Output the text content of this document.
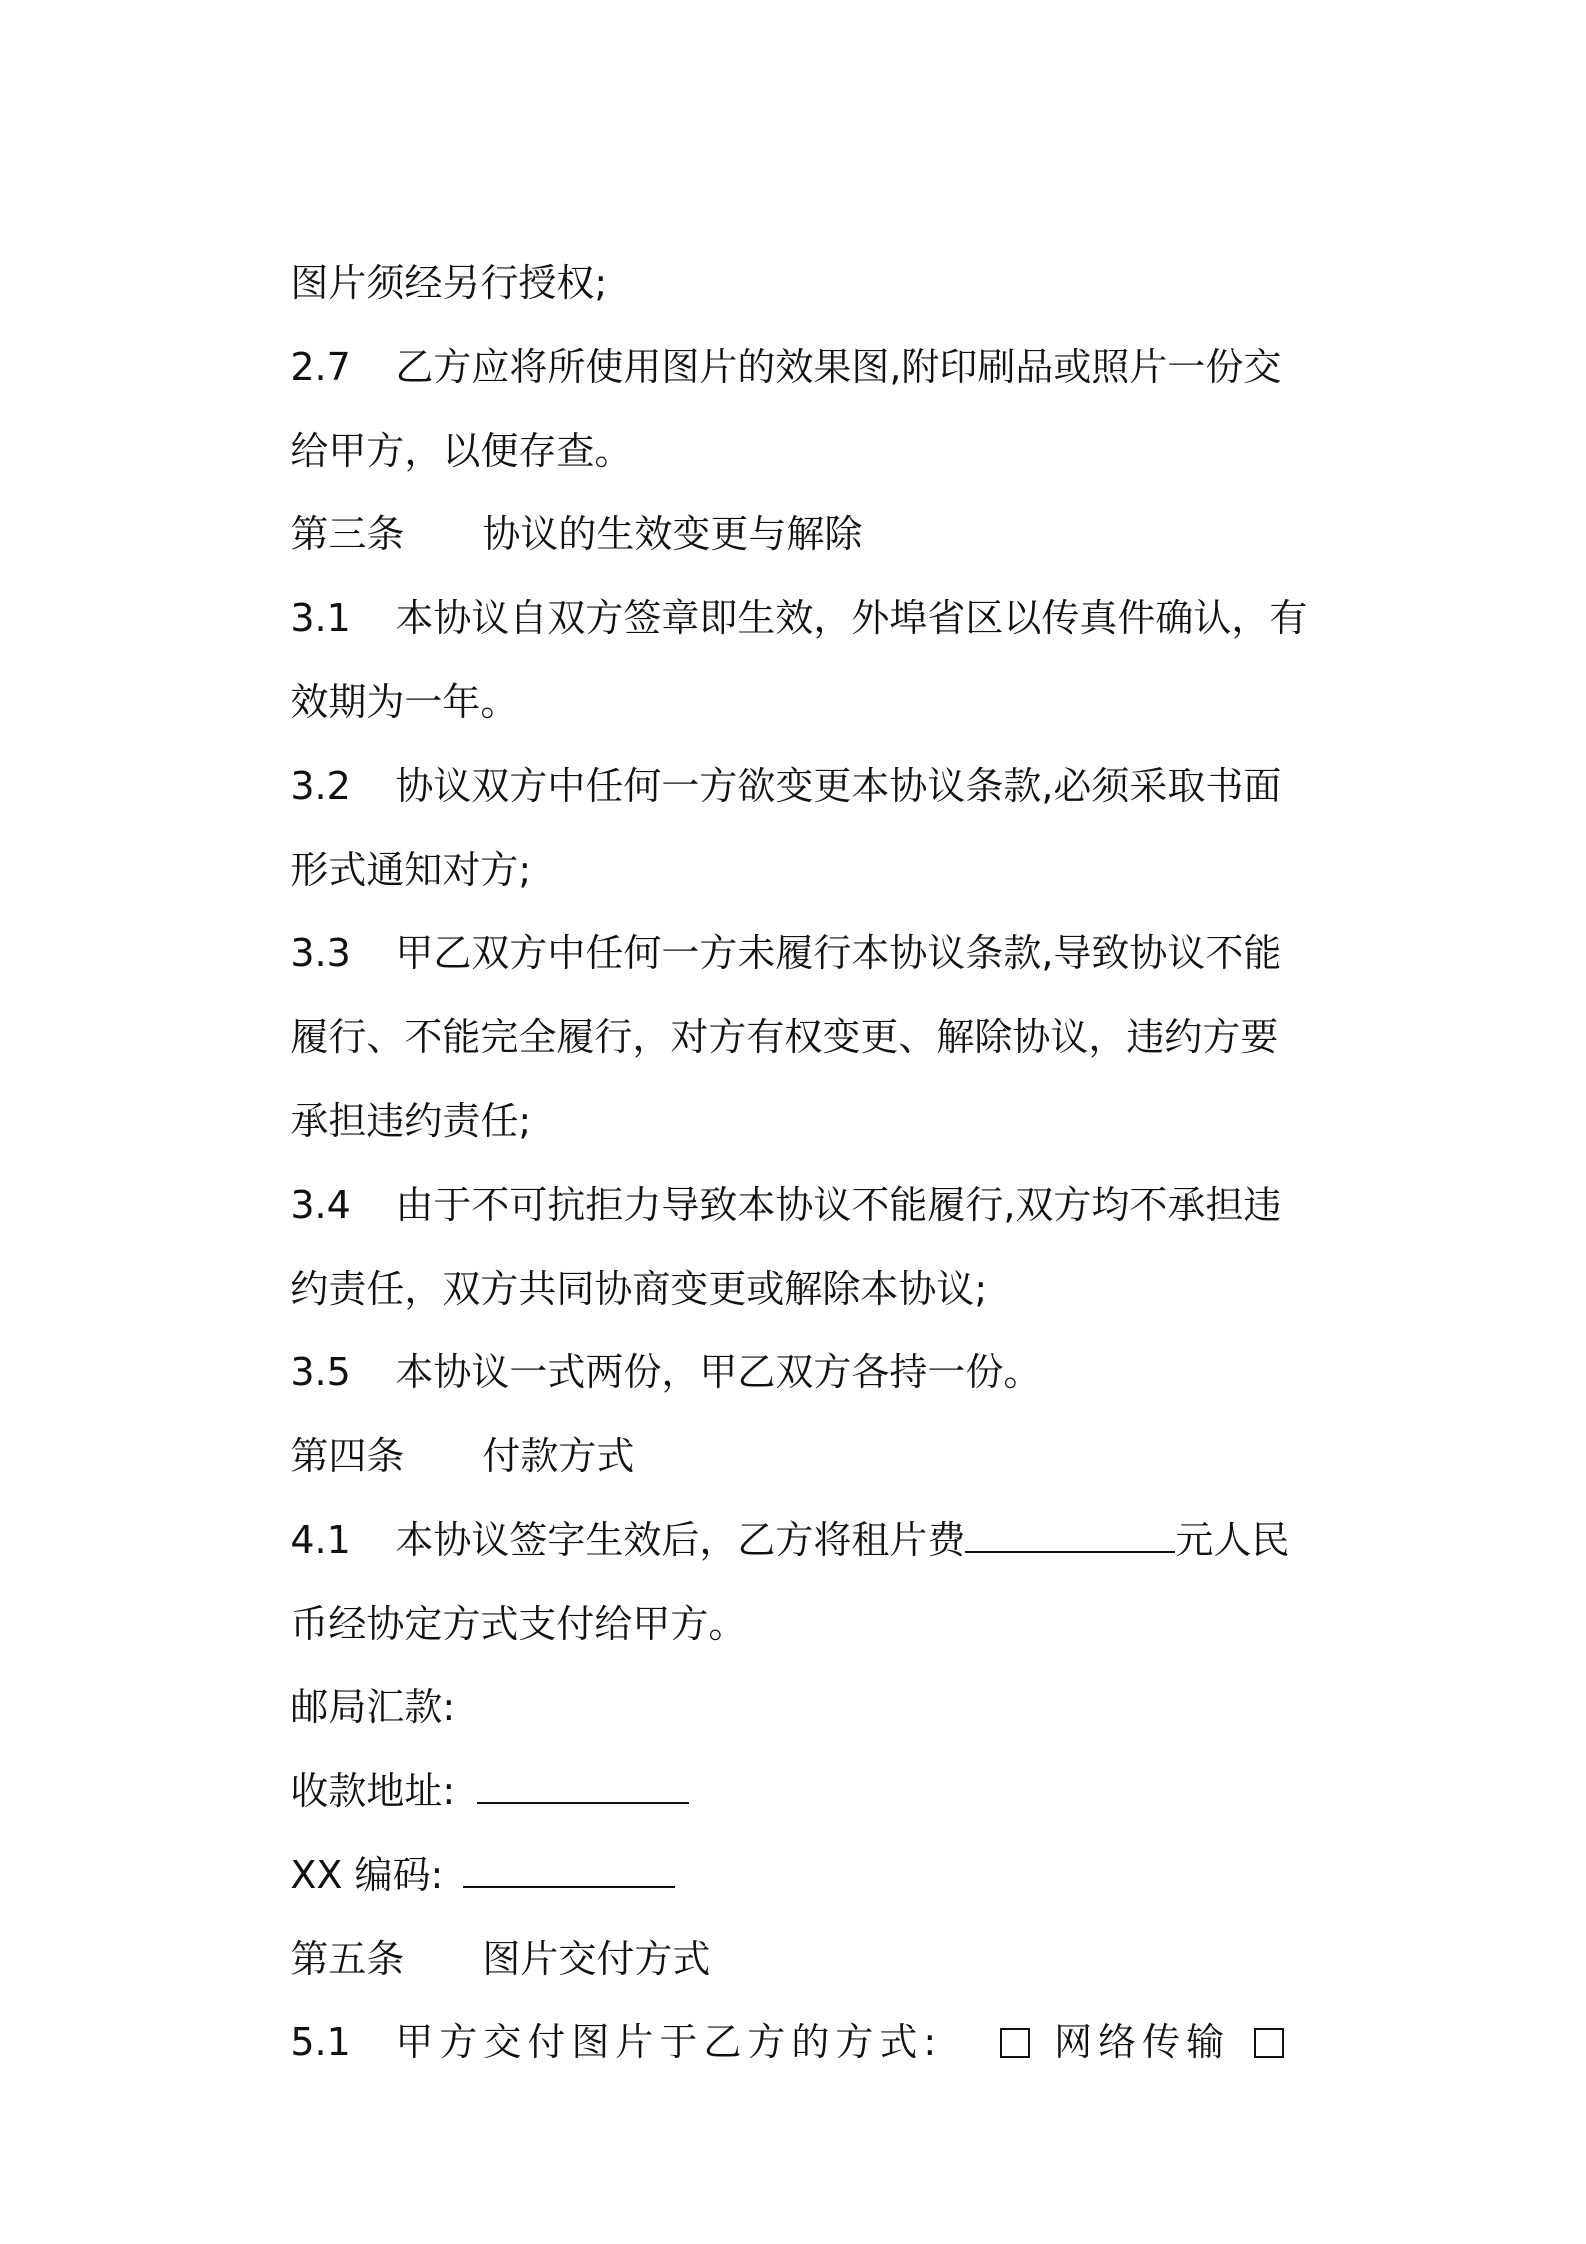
图片须经另行授权;

2.7 乙方应将所使用图片的效果图,附印刷品或照片一份交

给甲方，以便存查。

第三条 协议的生效变更与解除

3.1 本协议自双方签章即生效，外埠省区以传真件确认，有

效期为一年。

3.2 协议双方中任何一方欲变更本协议条款,必须采取书面

形式通知对方;

3.3 甲乙双方中任何一方未履行本协议条款,导致协议不能

履行、不能完全履行，对方有权变更、解除协议，违约方要

承担违约责任;

3.4 由于不可抗拒力导致本协议不能履行,双方均不承担违

约责任，双方共同协商变更或解除本协议;

3.5 本协议一式两份，甲乙双方各持一份。

第四条 付款方式

4.1 本协议签字生效后，乙方将租片费	元人民

币经协定方式支付给甲方。

邮局汇款:

收款地址:

XX 编码:

第五条 图片交付方式

5.1 甲方交付图片于乙方的方式:	网络传输
